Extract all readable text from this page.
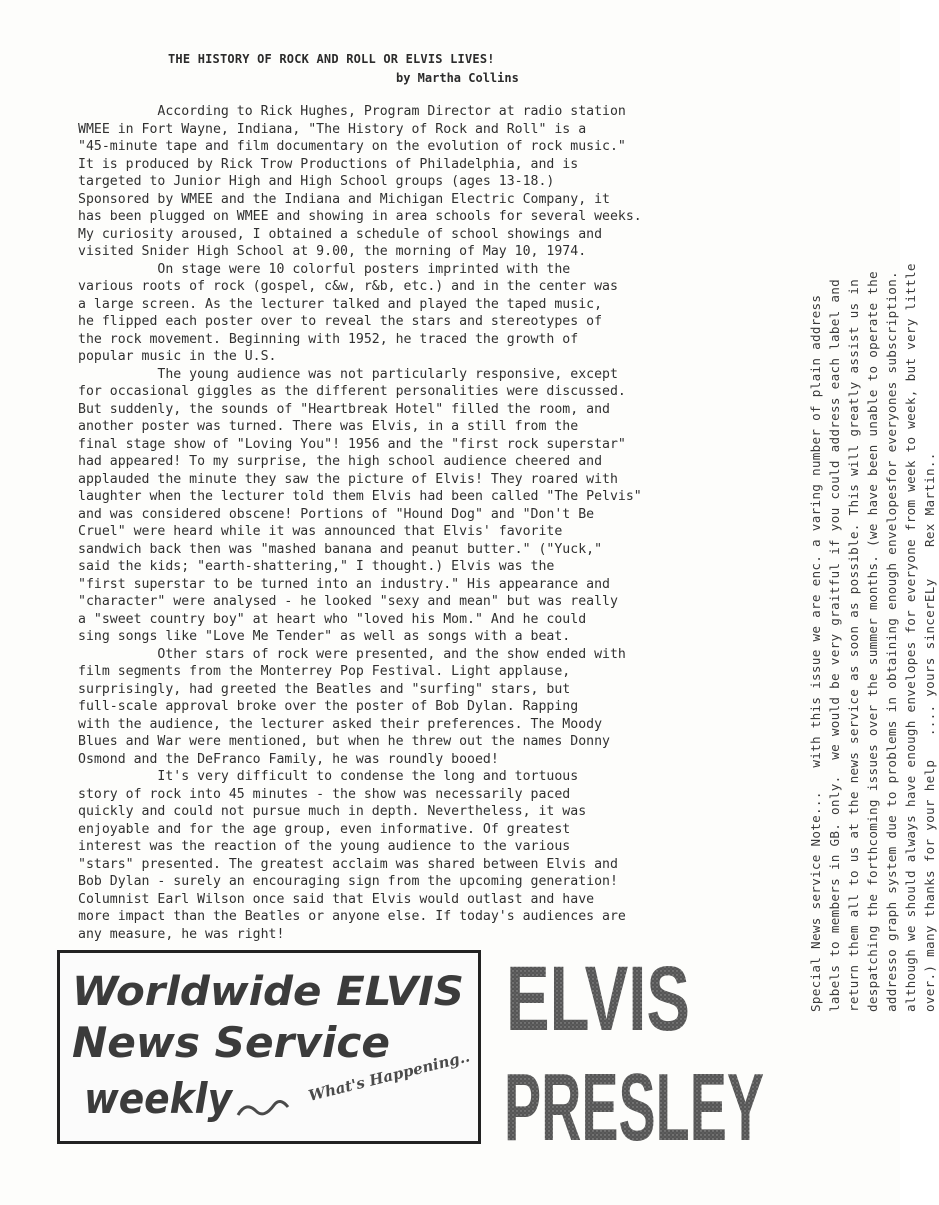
THE HISTORY OF ROCK AND ROLL OR ELVIS LIVES!
by Martha Collins
According to Rick Hughes, Program Director at radio station
WMEE in Fort Wayne, Indiana, "The History of Rock and Roll" is a
"45-minute tape and film documentary on the evolution of rock music."
It is produced by Rick Trow Productions of Philadelphia, and is
targeted to Junior High and High School groups (ages 13-18.)
Sponsored by WMEE and the Indiana and Michigan Electric Company, it
has been plugged on WMEE and showing in area schools for several weeks.
My curiosity aroused, I obtained a schedule of school showings and
visited Snider High School at 9.00, the morning of May 10, 1974.
On stage were 10 colorful posters imprinted with the
various roots of rock (gospel, c&w, r&b, etc.) and in the center was
a large screen. As the lecturer talked and played the taped music,
he flipped each poster over to reveal the stars and stereotypes of
the rock movement. Beginning with 1952, he traced the growth of
popular music in the U.S.
The young audience was not particularly responsive, except
for occasional giggles as the different personalities were discussed.
But suddenly, the sounds of "Heartbreak Hotel" filled the room, and
another poster was turned. There was Elvis, in a still from the
final stage show of "Loving You"! 1956 and the "first rock superstar"
had appeared! To my surprise, the high school audience cheered and
applauded the minute they saw the picture of Elvis! They roared with
laughter when the lecturer told them Elvis had been called "The Pelvis"
and was considered obscene! Portions of "Hound Dog" and "Don't Be
Cruel" were heard while it was announced that Elvis' favorite
sandwich back then was "mashed banana and peanut butter." ("Yuck,"
said the kids; "earth-shattering," I thought.) Elvis was the
"first superstar to be turned into an industry." His appearance and
"character" were analysed - he looked "sexy and mean" but was really
a "sweet country boy" at heart who "loved his Mom." And he could
sing songs like "Love Me Tender" as well as songs with a beat.
Other stars of rock were presented, and the show ended with
film segments from the Monterrey Pop Festival. Light applause,
surprisingly, had greeted the Beatles and "surfing" stars, but
full-scale approval broke over the poster of Bob Dylan. Rapping
with the audience, the lecturer asked their preferences. The Moody
Blues and War were mentioned, but when he threw out the names Donny
Osmond and the DeFranco Family, he was roundly booed!
It's very difficult to condense the long and tortuous
story of rock into 45 minutes - the show was necessarily paced
quickly and could not pursue much in depth. Nevertheless, it was
enjoyable and for the age group, even informative. Of greatest
interest was the reaction of the young audience to the various
"stars" presented. The greatest acclaim was shared between Elvis and
Bob Dylan - surely an encouraging sign from the upcoming generation!
Columnist Earl Wilson once said that Elvis would outlast and have
more impact than the Beatles or anyone else. If today's audiences are
any measure, he was right!	Special News service Note...   with this issue we are enc. a varing number of plain address labels to members in GB. only.  we would be very graitful if you could address each label and return them all to us at the news service as soon as possible. This will greatly assist us in despatching the forthcoming issues over the summer months. (we have been unable to operate the addresso graph system due to problems in obtaining enough envelopesfor everyones subscription. although we should always have enough envelopes for everyone from week to week, but very little over.) many thanks for your help   .... yours sincerELy    Rex Martin..
Worldwide ELVIS
News Service
weekly	What's Happening..
ELVIS
PRESLEY
